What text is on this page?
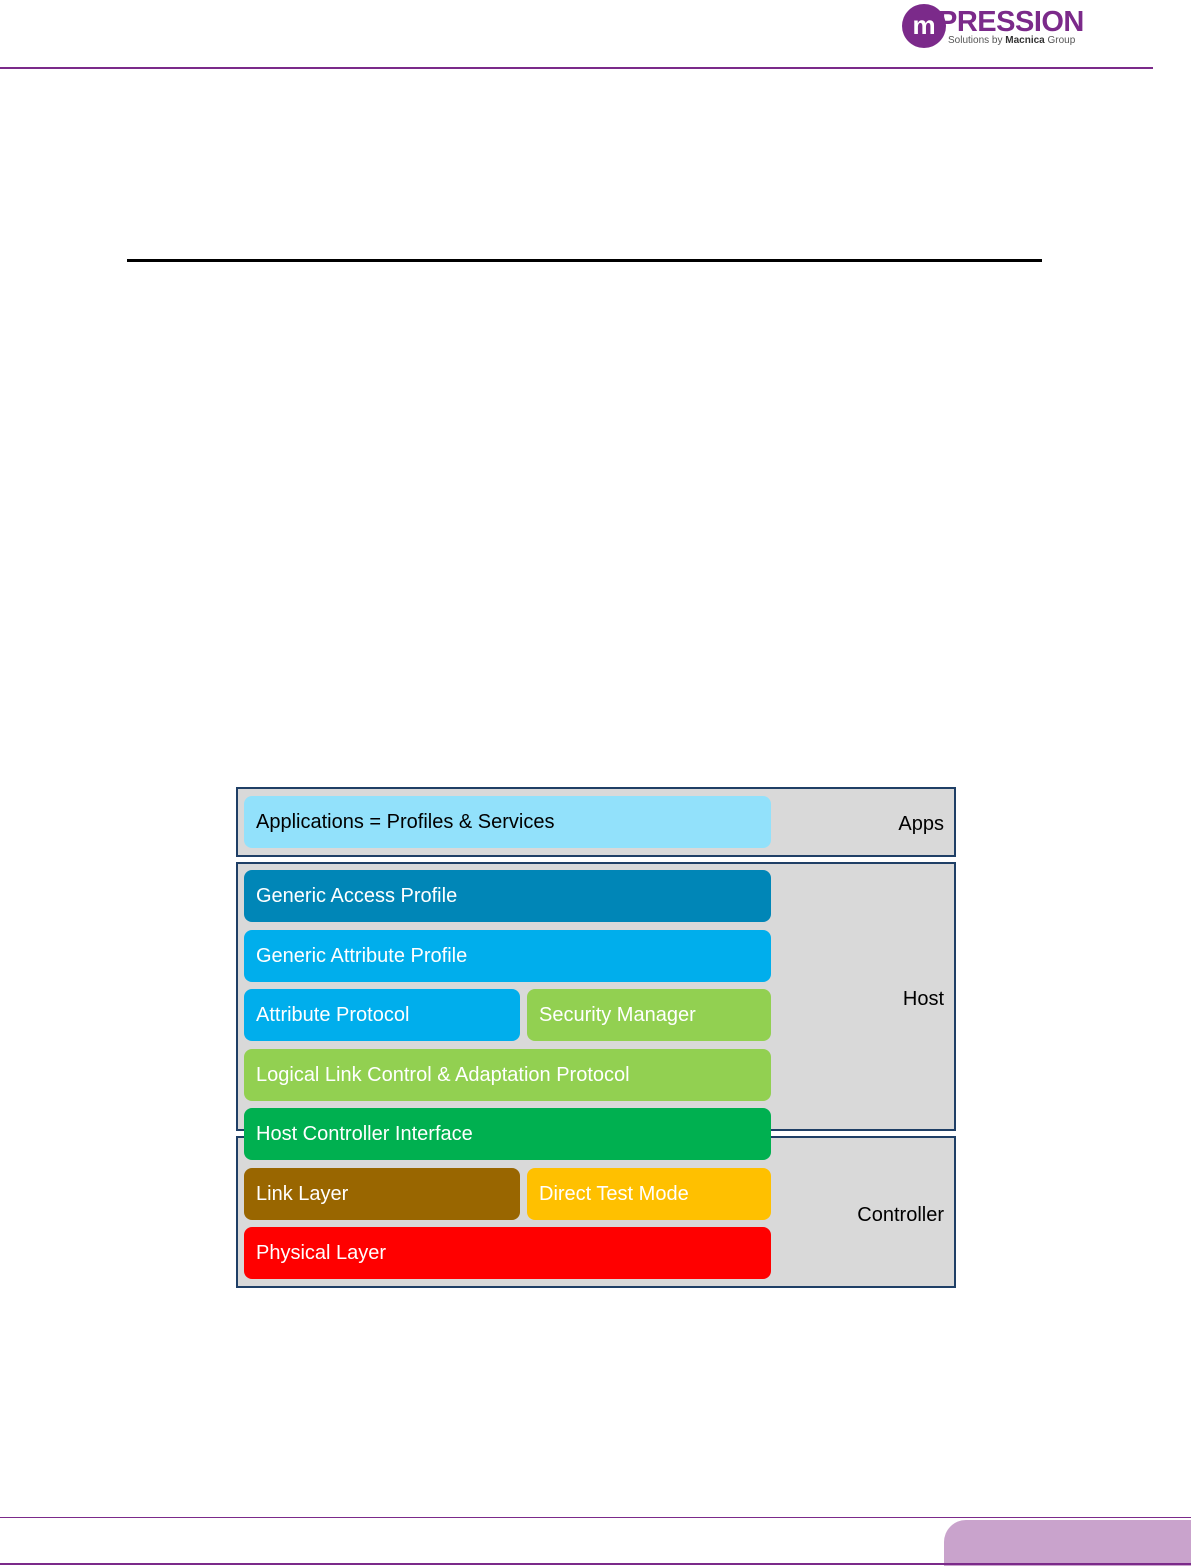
m PRESSION
Solutions by Macnica Group
Apps
Host
Controller
Applications = Profiles & Services
Generic Access Profile
Generic Attribute Profile
Attribute Protocol	Security Manager
Logical Link Control & Adaptation Protocol
Host Controller Interface
Link Layer	Direct Test Mode
Physical Layer
